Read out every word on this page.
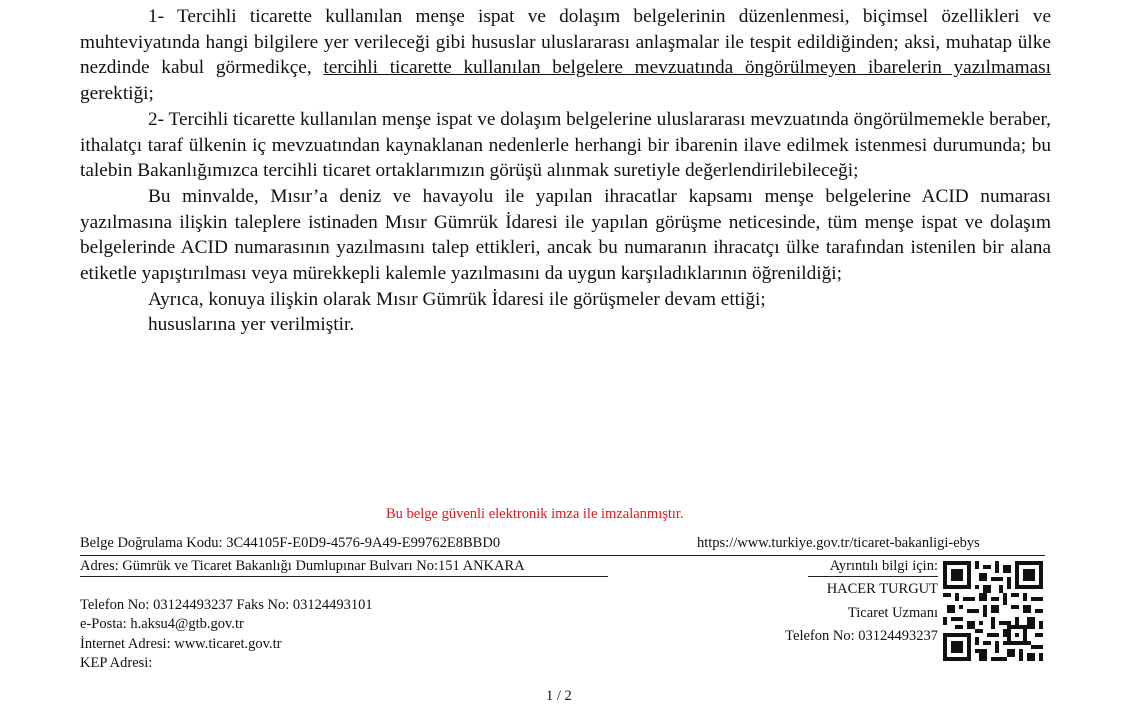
1- Tercihli ticarette kullanılan menşe ispat ve dolaşım belgelerinin düzenlenmesi, biçimsel özellikleri ve muhteviyatında hangi bilgilere yer verileceği gibi hususlar uluslararası anlaşmalar ile tespit edildiğinden; aksi, muhatap ülke nezdinde kabul görmedikçe, tercihli ticarette kullanılan belgelere mevzuatında öngörülmeyen ibarelerin yazılmaması gerektiği;

2- Tercihli ticarette kullanılan menşe ispat ve dolaşım belgelerine uluslararası mevzuatında öngörülmemekle beraber, ithalatçı taraf ülkenin iç mevzuatından kaynaklanan nedenlerle herhangi bir ibarenin ilave edilmek istenmesi durumunda; bu talebin Bakanlığımızca tercihli ticaret ortaklarımızın görüşü alınmak suretiyle değerlendirilebileceği;

Bu minvalde, Mısır’a deniz ve havayolu ile yapılan ihracatlar kapsamı menşe belgelerine ACID numarası yazılmasına ilişkin taleplere istinaden Mısır Gümrük İdaresi ile yapılan görüşme neticesinde, tüm menşe ispat ve dolaşım belgelerinde ACID numarasının yazılmasını talep ettikleri, ancak bu numaranın ihracatçı ülke tarafından istenilen bir alana etiketle yapıştırılması veya mürekkepli kalemle yazılmasını da uygun karşıladıklarının öğrenildiği;

Ayrıca, konuya ilişkin olarak Mısır Gümrük İdaresi ile görüşmeler devam ettiği;
hususlarına yer verilmiştir.
Bu belge güvenli elektronik imza ile imzalanmıştır.
Belge Doğrulama Kodu: 3C44105F-E0D9-4576-9A49-E99762E8BBD0	https://www.turkiye.gov.tr/ticaret-bakanligi-ebys
Adres: Gümrük ve Ticaret Bakanlığı Dumlupınar Bulvarı No:151 ANKARA
Telefon No: 03124493237 Faks No: 03124493101
e-Posta: h.aksu4@gtb.gov.tr
İnternet Adresi: www.ticaret.gov.tr
KEP Adresi:
Ayrıntılı bilgi için:
HACER TURGUT
Ticaret Uzmanı
Telefon No: 03124493237
1 / 2
